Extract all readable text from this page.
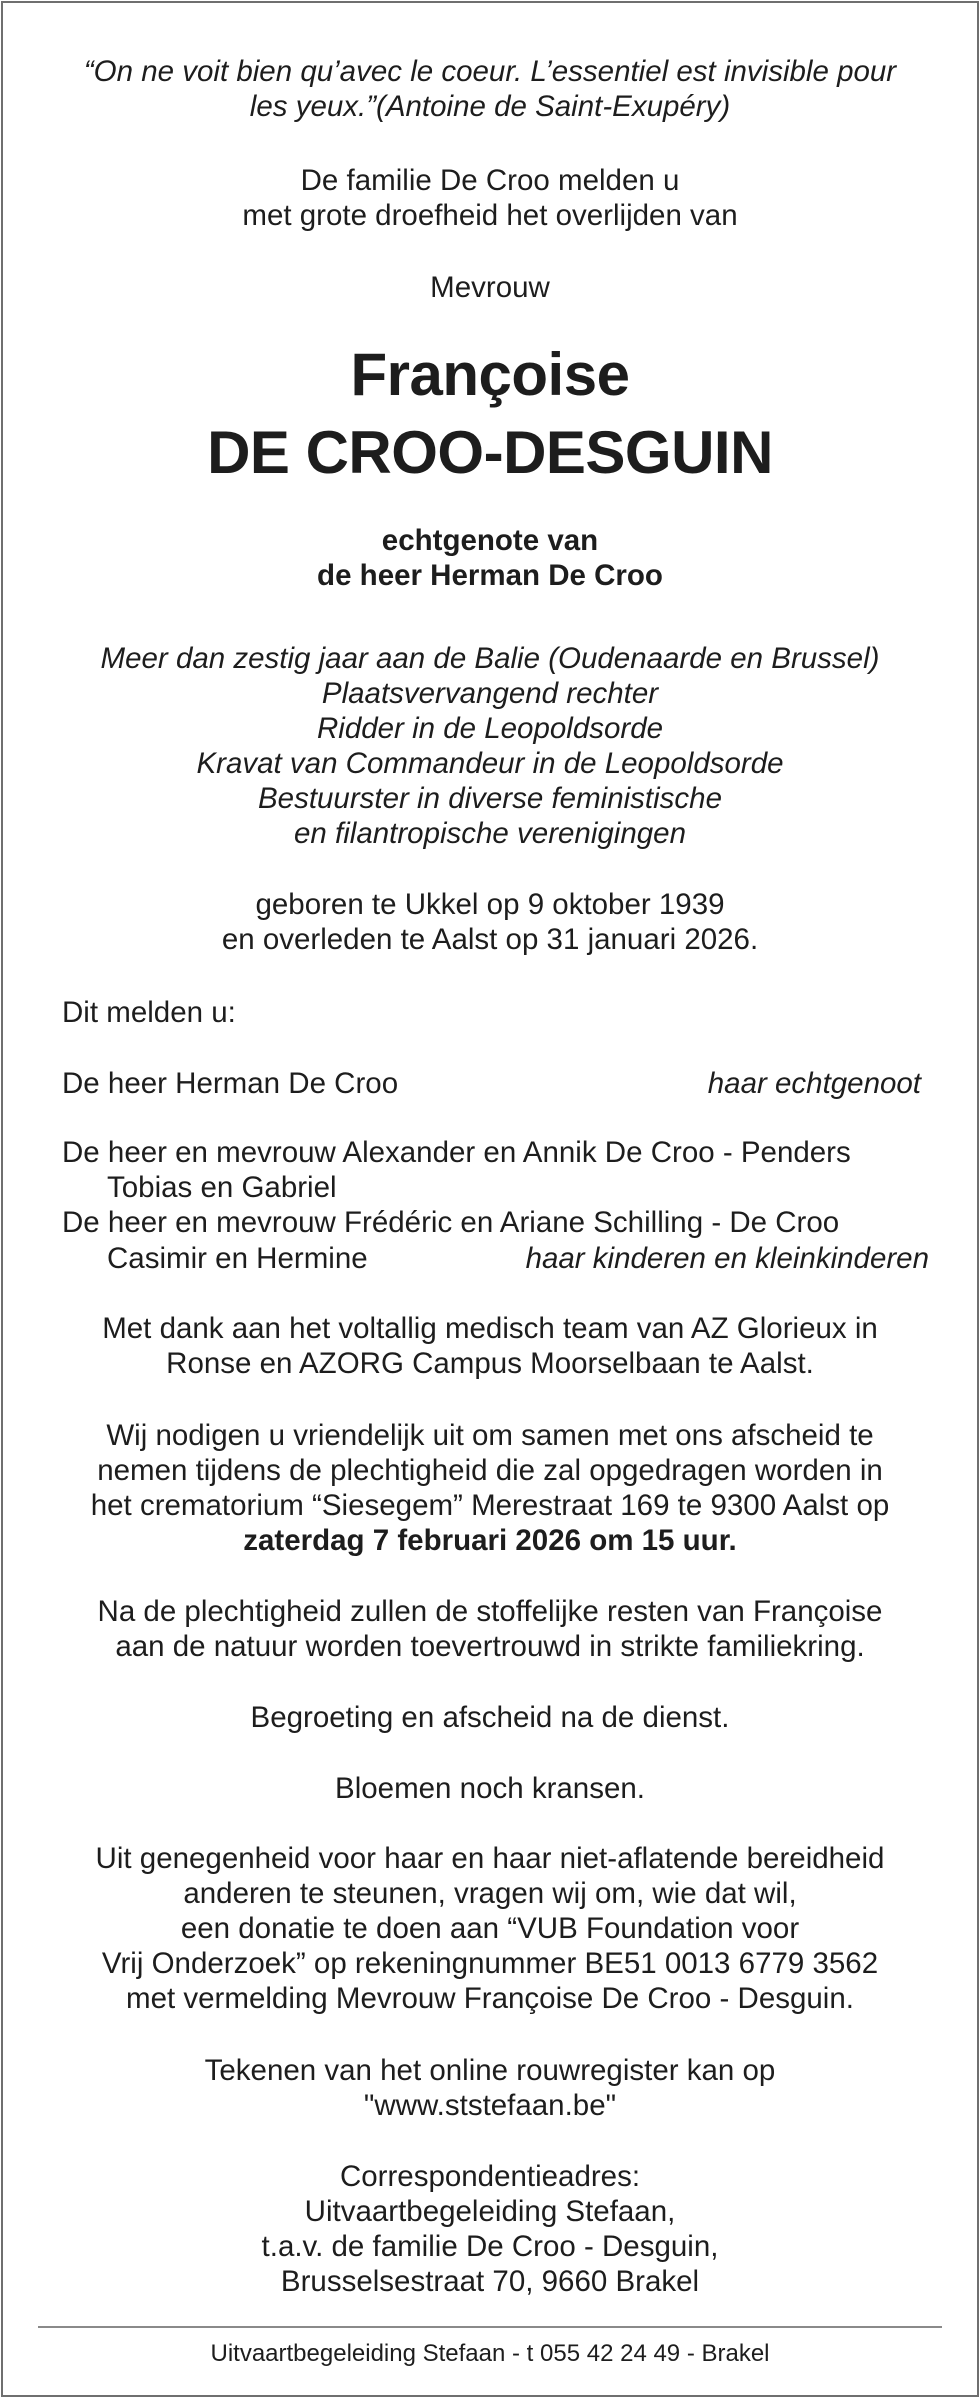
“On ne voit bien qu’avec le coeur. L’essentiel est invisible pour
les yeux.”(Antoine de Saint-Exupéry)
De familie De Croo melden u
met grote droefheid het overlijden van
Mevrouw
Françoise
DE CROO-DESGUIN
echtgenote van
de heer Herman De Croo
Meer dan zestig jaar aan de Balie (Oudenaarde en Brussel)
Plaatsvervangend rechter
Ridder in de Leopoldsorde
Kravat van Commandeur in de Leopoldsorde
Bestuurster in diverse feministische
en filantropische verenigingen
geboren te Ukkel op 9 oktober 1939
en overleden te Aalst op 31 januari 2026.
Dit melden u:
De heer Herman De Croo	haar echtgenoot
De heer en mevrouw Alexander en Annik De Croo - Penders
Tobias en Gabriel
De heer en mevrouw Frédéric en Ariane Schilling - De Croo
Casimir en Hermine	haar kinderen en kleinkinderen
Met dank aan het voltallig medisch team van AZ Glorieux in
Ronse en AZORG Campus Moorselbaan te Aalst.
Wij nodigen u vriendelijk uit om samen met ons afscheid te
nemen tijdens de plechtigheid die zal opgedragen worden in
het crematorium “Siesegem” Merestraat 169 te 9300 Aalst op
zaterdag 7 februari 2026 om 15 uur.
Na de plechtigheid zullen de stoffelijke resten van Françoise
aan de natuur worden toevertrouwd in strikte familiekring.
Begroeting en afscheid na de dienst.
Bloemen noch kransen.
Uit genegenheid voor haar en haar niet-aflatende bereidheid
anderen te steunen, vragen wij om, wie dat wil,
een donatie te doen aan “VUB Foundation voor
Vrij Onderzoek” op rekeningnummer BE51 0013 6779 3562
met vermelding Mevrouw Françoise De Croo - Desguin.
Tekenen van het online rouwregister kan op
"www.ststefaan.be"
Correspondentieadres:
Uitvaartbegeleiding Stefaan,
t.a.v. de familie De Croo - Desguin,
Brusselsestraat 70, 9660 Brakel
Uitvaartbegeleiding Stefaan - t 055 42 24 49 - Brakel
